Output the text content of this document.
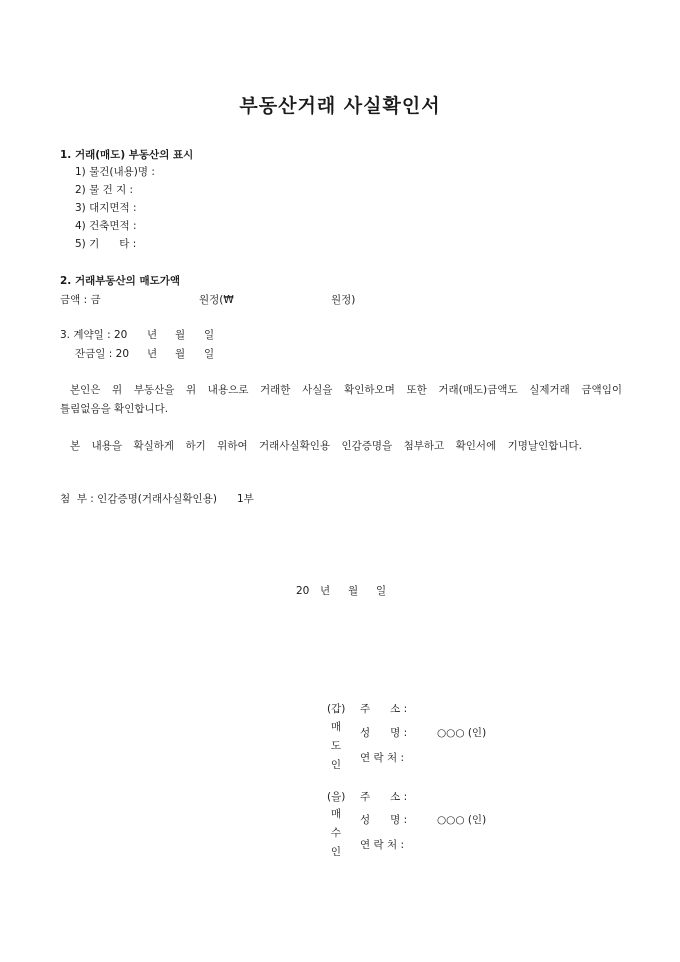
부동산거래 사실확인서
1. 거래(매도) 부동산의 표시
1) 물건(내용)명 :
2) 물 건 지 :
3) 대지면적 :
4) 건축면적 :
5) 기      타 :
2. 거래부동산의 매도가액
금액 : 금	원정(₩	원정)
3. 계약일 : 20 년 월 일
잔금일 : 20 년 월 일
본인은 위 부동산을 위 내용으로 거래한 사실을 확인하오며 또한 거래(매도)금액도 실제거래 금액임이
틀림없음을 확인합니다.
본 내용을 확실하게 하기 위하여 거래사실확인용 인감증명을 첨부하고 확인서에 기명날인합니다.
첨  부 : 인감증명(거래사실확인용)      1부
20 년 월 일
(갑)
매
도
인
주      소 :
성      명 :	○○○ (인)
연 락 처 :
(을)
매
수
인
주      소 :
성      명 :	○○○ (인)
연 락 처 :
